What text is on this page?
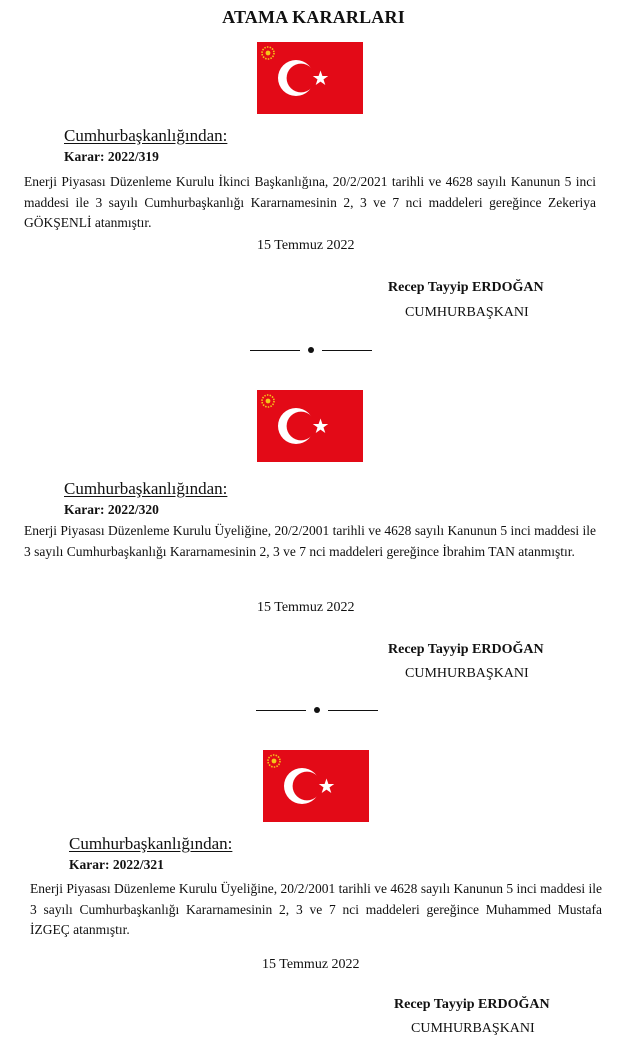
ATAMA KARARLARI
Cumhurbaşkanlığından:
Karar: 2022/319
Enerji Piyasası Düzenleme Kurulu İkinci Başkanlığına, 20/2/2021 tarihli ve 4628 sayılı Kanunun 5 inci maddesi ile 3 sayılı Cumhurbaşkanlığı Kararnamesinin 2, 3 ve 7 nci maddeleri gereğince Zekeriya GÖKŞENLİ atanmıştır.
15 Temmuz 2022
Recep Tayyip ERDOĞAN
CUMHURBAŞKANI
Cumhurbaşkanlığından:
Karar: 2022/320
Enerji Piyasası Düzenleme Kurulu Üyeliğine, 20/2/2001 tarihli ve 4628 sayılı Kanunun 5 inci maddesi ile 3 sayılı Cumhurbaşkanlığı Kararnamesinin 2, 3 ve 7 nci maddeleri gereğince İbrahim TAN atanmıştır.
15 Temmuz 2022
Recep Tayyip ERDOĞAN
CUMHURBAŞKANI
Cumhurbaşkanlığından:
Karar: 2022/321
Enerji Piyasası Düzenleme Kurulu Üyeliğine, 20/2/2001 tarihli ve 4628 sayılı Kanunun 5 inci maddesi ile 3 sayılı Cumhurbaşkanlığı Kararnamesinin 2, 3 ve 7 nci maddeleri gereğince Muhammed Mustafa İZGEÇ atanmıştır.
15 Temmuz 2022
Recep Tayyip ERDOĞAN
CUMHURBAŞKANI
